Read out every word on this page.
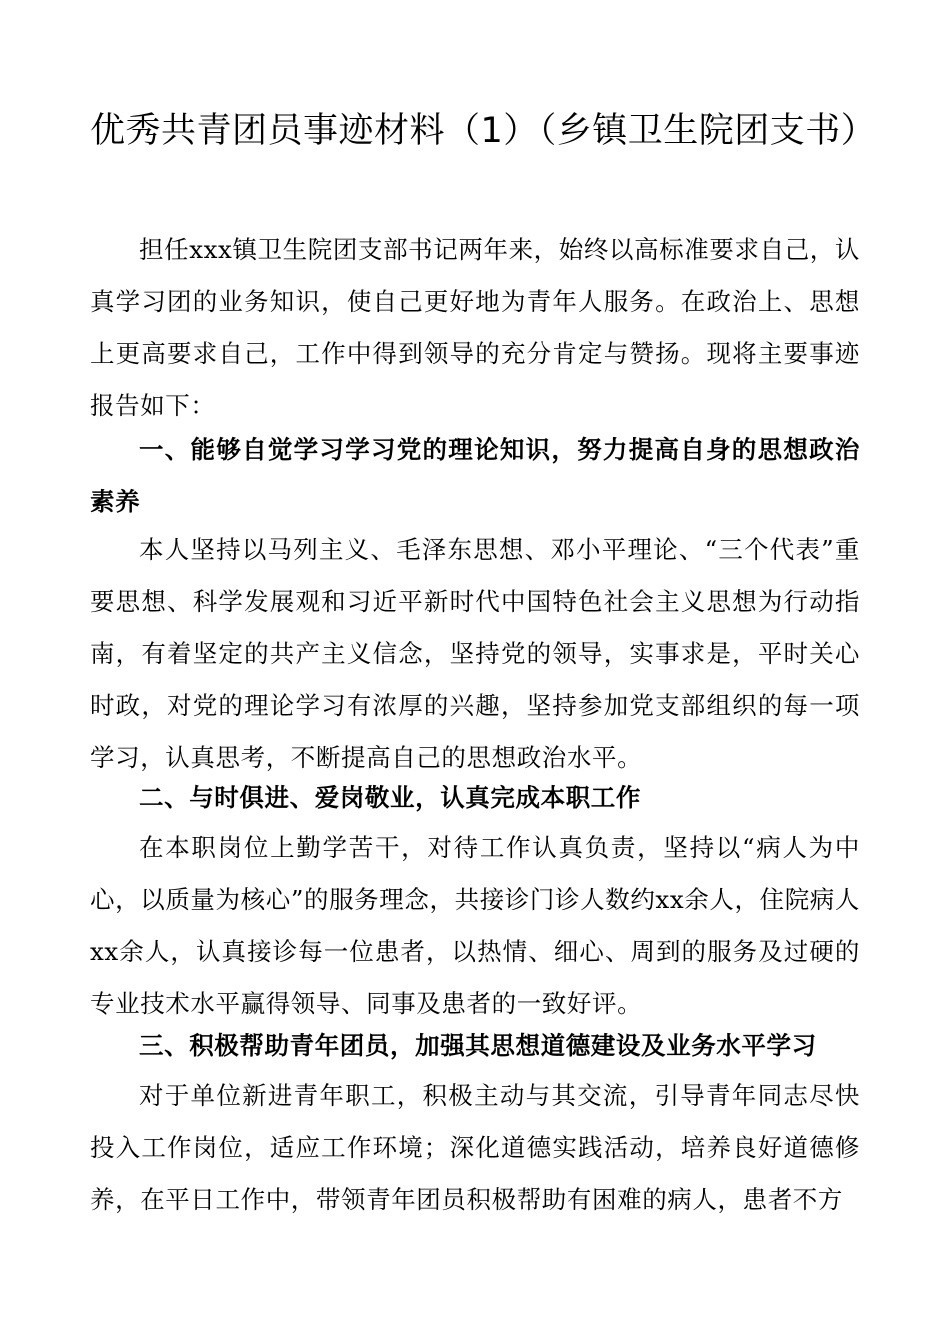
优秀共青团员事迹材料（1）（乡镇卫生院团支书）

担任xxx镇卫生院团支部书记两年来，始终以高标准要求自己，认真学习团的业务知识，使自己更好地为青年人服务。在政治上、思想上更高要求自己，工作中得到领导的充分肯定与赞扬。现将主要事迹报告如下：

一、能够自觉学习学习党的理论知识，努力提高自身的思想政治素养

本人坚持以马列主义、毛泽东思想、邓小平理论、“三个代表”重要思想、科学发展观和习近平新时代中国特色社会主义思想为行动指南，有着坚定的共产主义信念，坚持党的领导，实事求是，平时关心时政，对党的理论学习有浓厚的兴趣，坚持参加党支部组织的每一项学习，认真思考，不断提高自己的思想政治水平。

二、与时俱进、爱岗敬业，认真完成本职工作

在本职岗位上勤学苦干，对待工作认真负责，坚持以“病人为中心，以质量为核心”的服务理念，共接诊门诊人数约xx余人，住院病人xx余人，认真接诊每一位患者，以热情、细心、周到的服务及过硬的专业技术水平赢得领导、同事及患者的一致好评。

三、积极帮助青年团员，加强其思想道德建设及业务水平学习

对于单位新进青年职工，积极主动与其交流，引导青年同志尽快投入工作岗位，适应工作环境；深化道德实践活动，培养良好道德修养，在平日工作中，带领青年团员积极帮助有困难的病人，患者不方
